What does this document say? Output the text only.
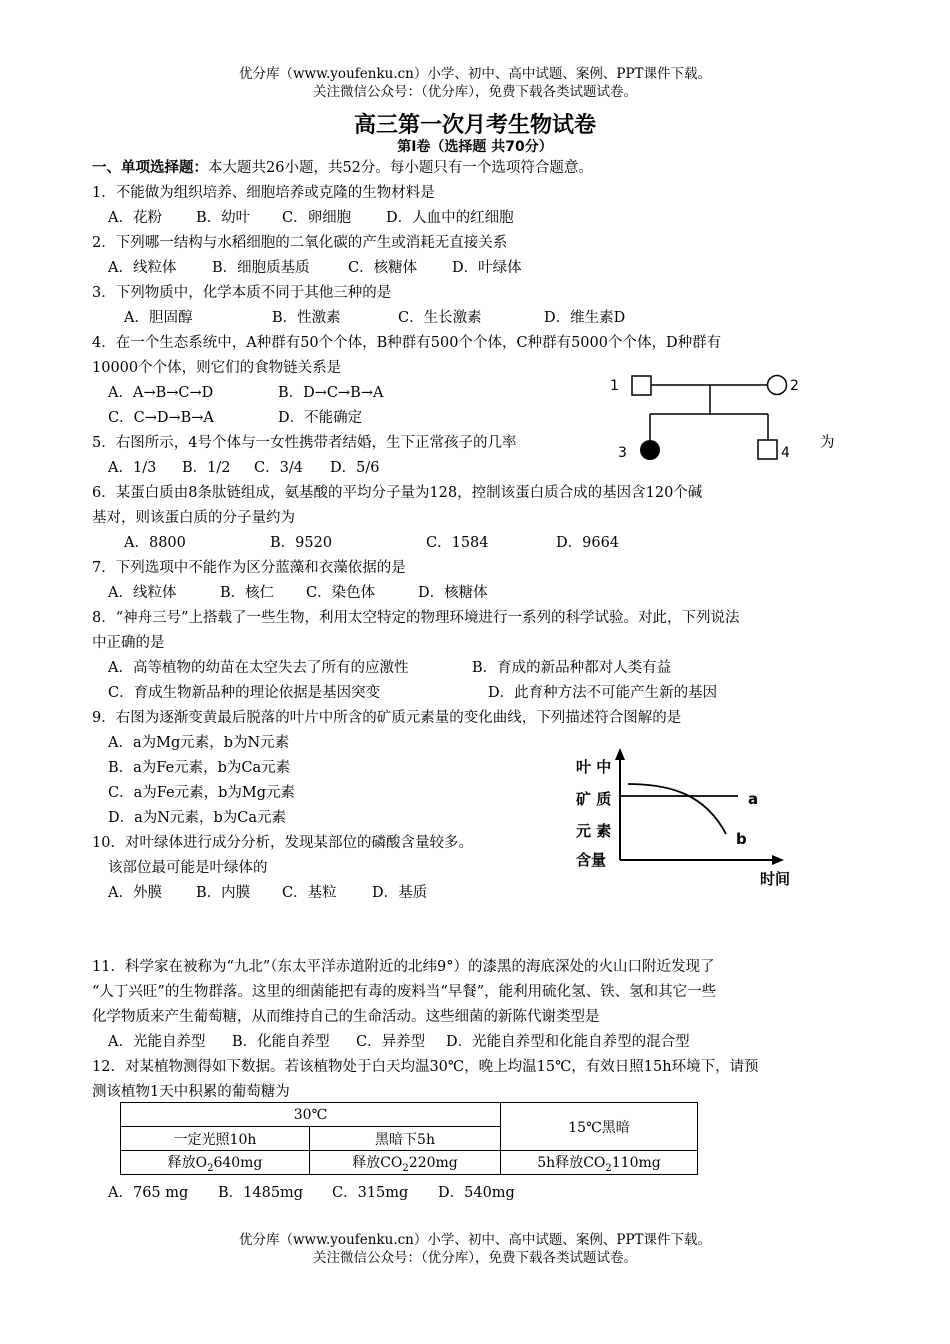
优分库（www.youfenku.cn）小学、初中、高中试题、案例、PPT课件下载。
关注微信公众号：（优分库），免费下载各类试题试卷。
高三第一次月考生物试卷
第Ⅰ卷（选择题 共70分）
一、单项选择题：本大题共26小题，共52分。每小题只有一个选项符合题意。
1．不能做为组织培养、细胞培养或克隆的生物材料是
A．花粉 B．幼叶 C．卵细胞 D．人血中的红细胞
2．下列哪一结构与水稻细胞的二氧化碳的产生或消耗无直接关系
A．线粒体 B．细胞质基质	C．核糖体 D．叶绿体
3．下列物质中，化学本质不同于其他三种的是
A．胆固醇	B．性激素	C．生长激素	D．维生素D
4．在一个生态系统中，A种群有50个个体，B种群有500个个体，C种群有5000个个体，D种群有
10000个个体，则它们的食物链关系是
A．A→B→C→D	B．D→C→B→A
C．C→D→B→A	D．不能确定
1	2
3	4
5．右图所示，4号个体与一女性携带者结婚，生下正常孩子的几率	为
A．1/3 B．1/2 C．3/4 D．5/6
6．某蛋白质由8条肽链组成，氨基酸的平均分子量为128，控制该蛋白质合成的基因含120个碱
基对，则该蛋白质的分子量约为
A．8800	B．9520	C．1584	D．9664
7．下列选项中不能作为区分蓝藻和衣藻依据的是
A．线粒体	B．核仁 C．染色体	D．核糖体
8．“神舟三号”上搭载了一些生物，利用太空特定的物理环境进行一系列的科学试验。对此，下列说法
中正确的是
A．高等植物的幼苗在太空失去了所有的应激性	B．育成的新品种都对人类有益
C．育成生物新品种的理论依据是基因突变	D．此育种方法不可能产生新的基因
9．右图为逐渐变黄最后脱落的叶片中所含的矿质元素量的变化曲线，下列描述符合图解的是
A．a为Mg元素，b为N元素
B．a为Fe元素，b为Ca元素
C．a为Fe元素，b为Mg元素
D．a为N元素，b为Ca元素
叶 中
矿 质
元 素
含量
时间
a
b
10．对叶绿体进行成分分析，发现某部位的磷酸含量较多。
该部位最可能是叶绿体的
A．外膜 B．内膜 C．基粒 D．基质
11．科学家在被称为“九北”（东太平洋赤道附近的北纬9°）的漆黑的海底深处的火山口附近发现了
“人丁兴旺”的生物群落。这里的细菌能把有毒的废料当“早餐”，能利用硫化氢、铁、氢和其它一些
化学物质来产生葡萄糖，从而维持自己的生命活动。这些细菌的新陈代谢类型是
A．光能自养型 B．化能自养型 C．异养型 D．光能自养型和化能自养型的混合型
12．对某植物测得如下数据。若该植物处于白天均温30℃，晚上均温15℃，有效日照15h环境下，请预
测该植物1天中积累的葡萄糖为
30℃		15℃黑暗
一定光照10h	黑暗下5h	
释放$O_2640mg$	释放$CO_2220mg$	5h释放$CO_2110mg$
A．765 mg B．1485mg C．315mg D．540mg
优分库（www.youfenku.cn）小学、初中、高中试题、案例、PPT课件下载。
关注微信公众号：（优分库），免费下载各类试题试卷。
